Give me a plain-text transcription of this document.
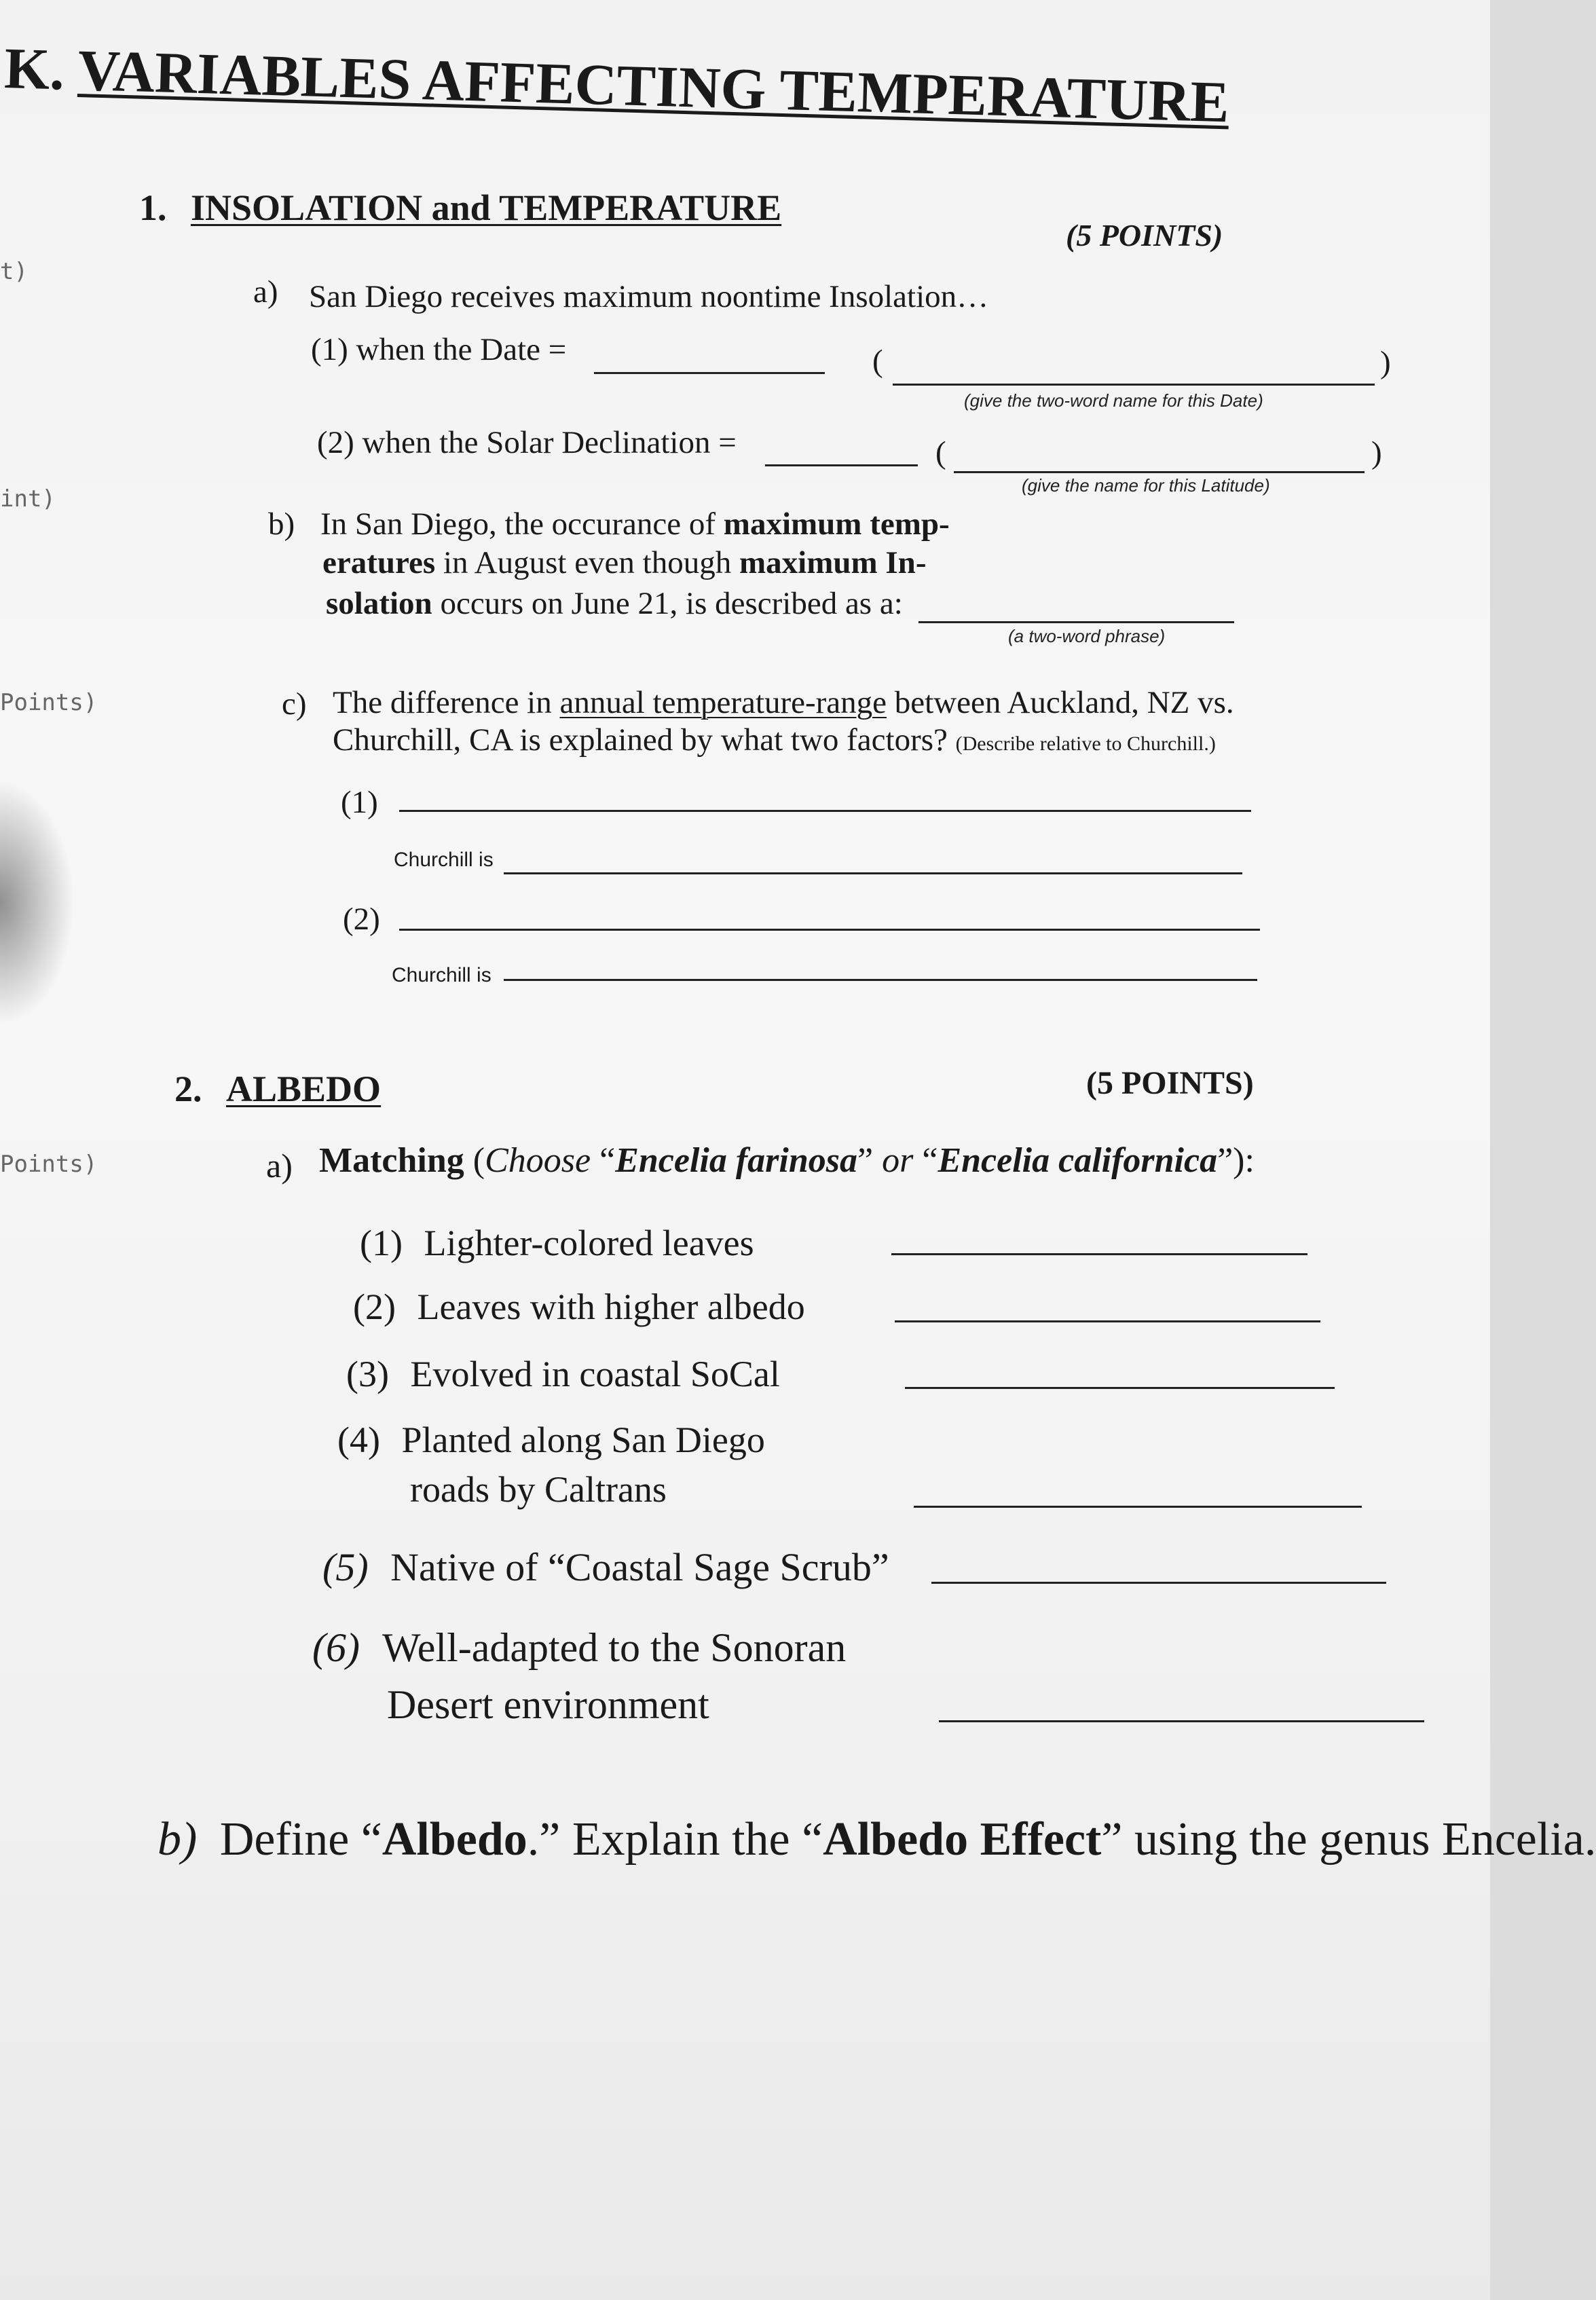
t)
int)
Points)
Points)
K. VARIABLES AFFECTING TEMPERATURE
1. INSOLATION and TEMPERATURE
(5 POINTS)
a) San Diego receives maximum noontime Insolation…
(1) when the Date =	(	)
(give the two-word name for this Date)
(2) when the Solar Declination =	(	)
(give the name for this Latitude)
b) In San Diego, the occurance of maximum temp-
eratures in August even though maximum In-
solation occurs on June 21, is described as a:
(a two-word phrase)
c) The difference in annual temperature-range between Auckland, NZ vs.
Churchill, CA is explained by what two factors? (Describe relative to Churchill.)
(1)
Churchill is
(2)
Churchill is
2. ALBEDO	(5 POINTS)
a) Matching (Choose “Encelia farinosa” or “Encelia californica”):
(1) Lighter-colored leaves
(2) Leaves with higher albedo
(3) Evolved in coastal SoCal
(4) Planted along San Diego
roads by Caltrans
(5) Native of “Coastal Sage Scrub”
(6) Well-adapted to the Sonoran
Desert environment
b) Define “Albedo.” Explain the “Albedo Effect” using the genus Encelia.
